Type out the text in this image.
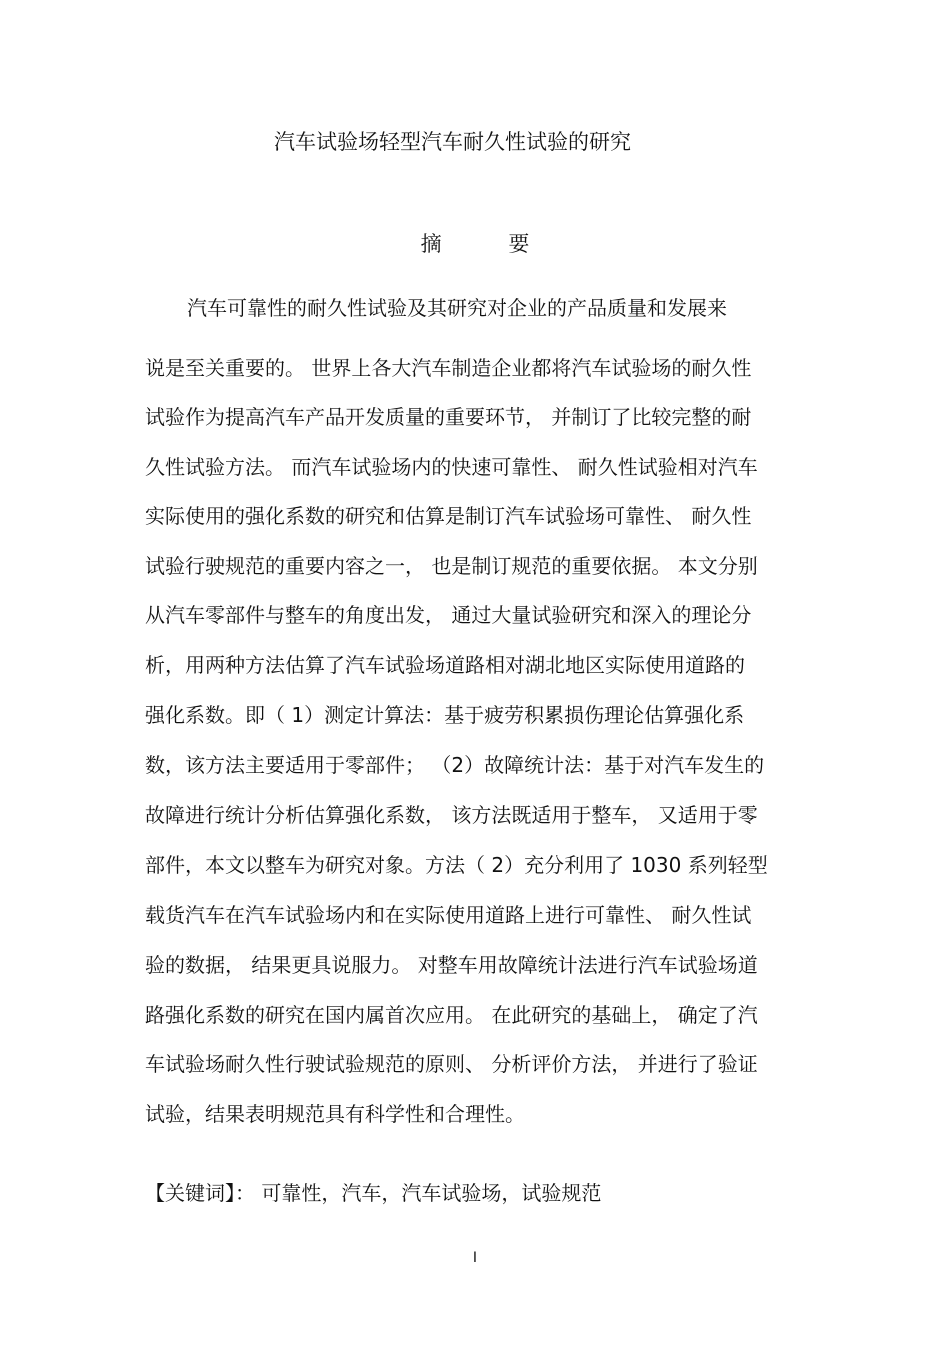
汽车试验场轻型汽车耐久性试验的研究
摘 要
汽车可靠性的耐久性试验及其研究对企业的产品质量和发展来
说是至关重要的。 世界上各大汽车制造企业都将汽车试验场的耐久性
试验作为提高汽车产品开发质量的重要环节， 并制订了比较完整的耐
久性试验方法。 而汽车试验场内的快速可靠性、 耐久性试验相对汽车
实际使用的强化系数的研究和估算是制订汽车试验场可靠性、 耐久性
试验行驶规范的重要内容之一， 也是制订规范的重要依据。 本文分别
从汽车零部件与整车的角度出发， 通过大量试验研究和深入的理论分
析，用两种方法估算了汽车试验场道路相对湖北地区实际使用道路的
强化系数。即（ 1）测定计算法：基于疲劳积累损伤理论估算强化系
数，该方法主要适用于零部件； （2）故障统计法：基于对汽车发生的
故障进行统计分析估算强化系数， 该方法既适用于整车， 又适用于零
部件，本文以整车为研究对象。方法（ 2）充分利用了 1030 系列轻型
载货汽车在汽车试验场内和在实际使用道路上进行可靠性、 耐久性试
验的数据， 结果更具说服力。 对整车用故障统计法进行汽车试验场道
路强化系数的研究在国内属首次应用。 在此研究的基础上， 确定了汽
车试验场耐久性行驶试验规范的原则、 分析评价方法， 并进行了验证
试验，结果表明规范具有科学性和合理性。
【关键词】： 可靠性，汽车，汽车试验场，试验规范
I
